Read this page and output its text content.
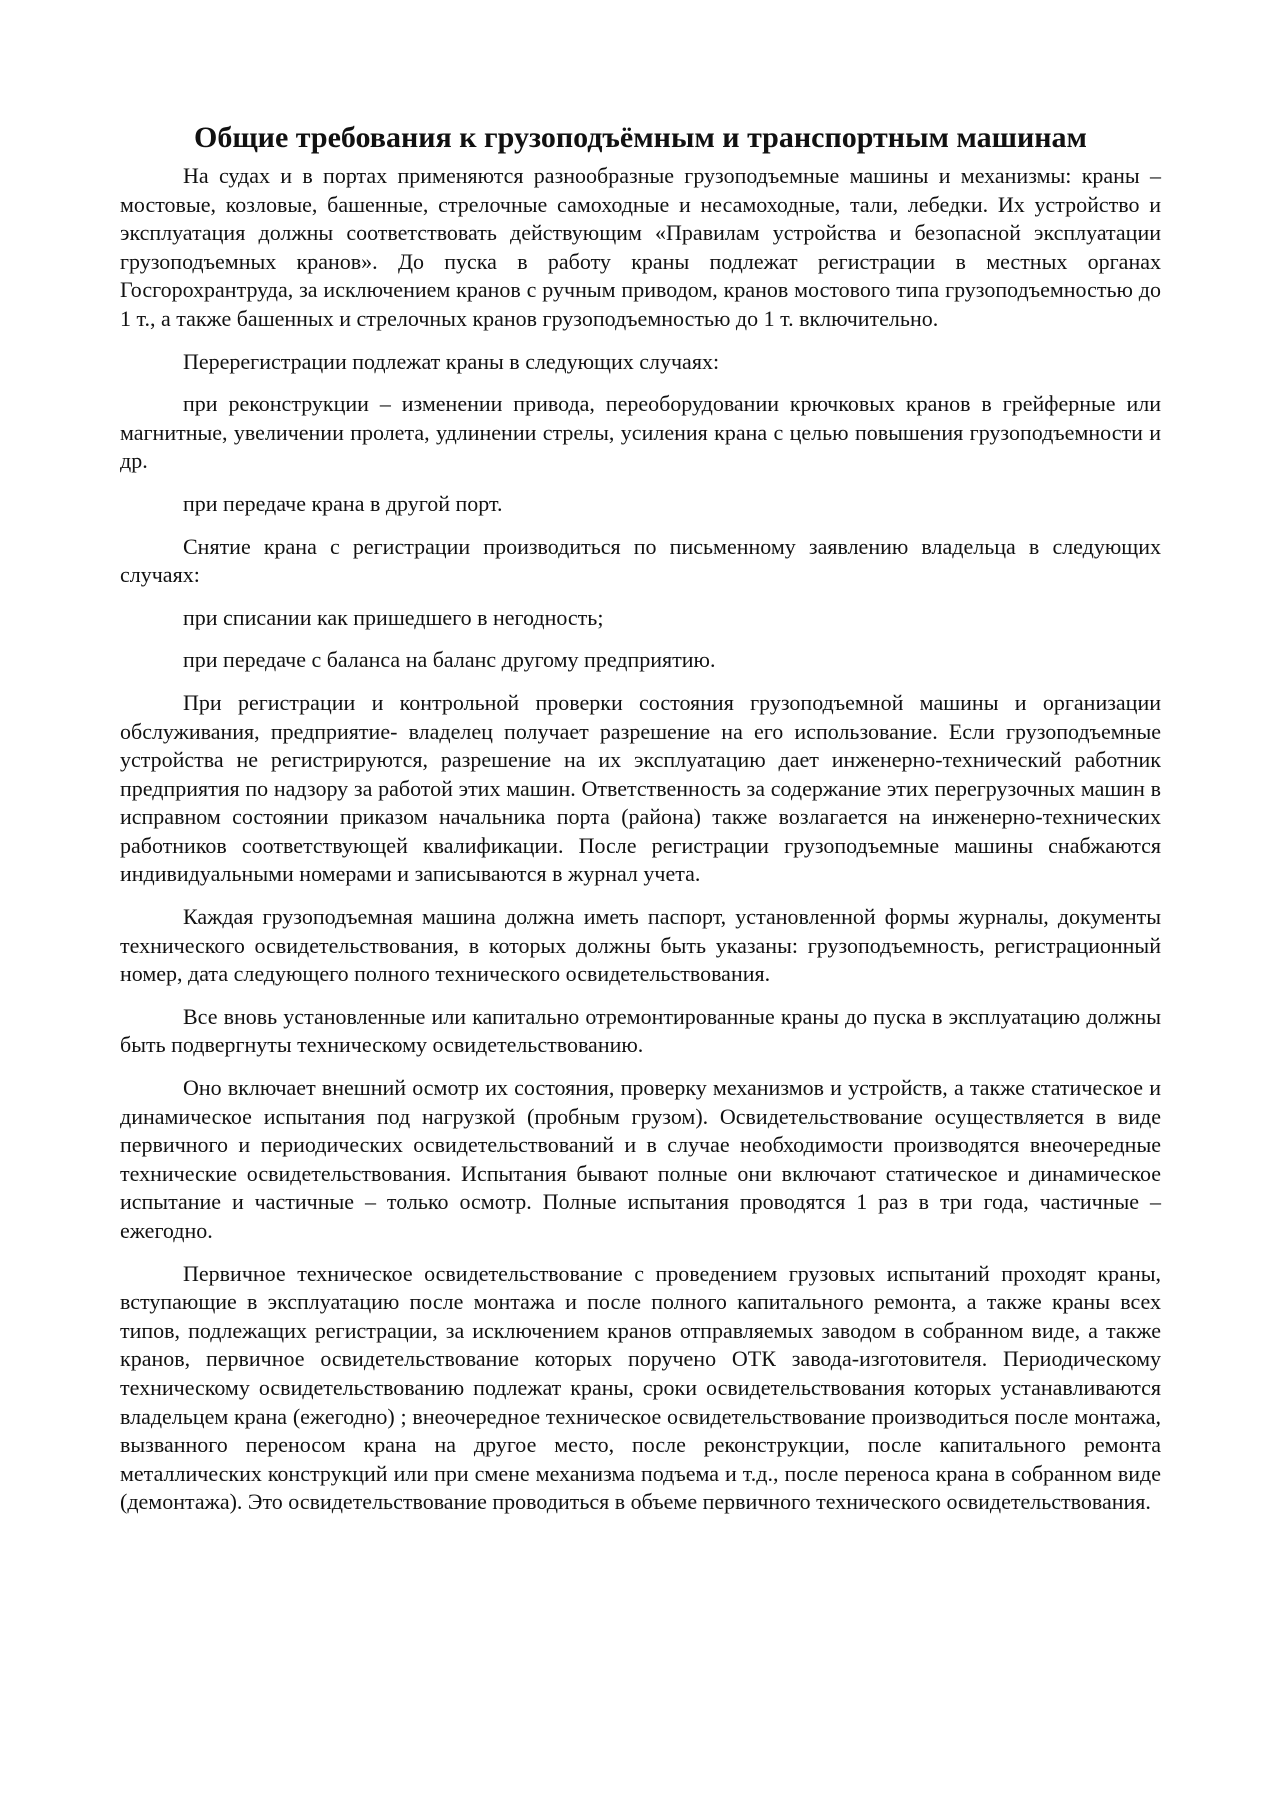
Общие требования к грузоподъёмным и транспортным машинам

На судах и в портах применяются разнообразные грузоподъемные машины и механизмы: краны – мостовые, козловые, башенные, стрелочные самоходные и несамоходные, тали, лебедки. Их устройство и эксплуатация должны соответствовать действующим «Правилам устройства и безопасной эксплуатации грузоподъемных кранов». До пуска в работу краны подлежат регистрации в местных органах Госгорохрантруда, за исключением кранов с ручным приводом, кранов мостового типа грузоподъемностью до 1 т., а также башенных и стрелочных кранов грузоподъемностью до 1 т. включительно.

Перерегистрации подлежат краны в следующих случаях:

при реконструкции – изменении привода, переоборудовании крючковых кранов в грейферные или магнитные, увеличении пролета, удлинении стрелы, усиления крана с целью повышения грузоподъемности и др.

при передаче крана в другой порт.

Снятие крана с регистрации производиться по письменному заявлению владельца в следующих случаях:

при списании как пришедшего в негодность;

при передаче с баланса на баланс другому предприятию.

При регистрации и контрольной проверки состояния грузоподъемной машины и организации обслуживания, предприятие- владелец получает разрешение на его использование. Если грузоподъемные устройства не регистрируются, разрешение на их эксплуатацию дает инженерно-технический работник предприятия по надзору за работой этих машин. Ответственность за содержание этих перегрузочных машин в исправном состоянии приказом начальника порта (района) также возлагается на инженерно-технических работников соответствующей квалификации. После регистрации грузоподъемные машины снабжаются индивидуальными номерами и записываются в журнал учета.

Каждая грузоподъемная машина должна иметь паспорт, установленной формы журналы, документы технического освидетельствования, в которых должны быть указаны: грузоподъемность, регистрационный номер, дата следующего полного технического освидетельствования.

Все вновь установленные или капитально отремонтированные краны до пуска в эксплуатацию должны быть подвергнуты техническому освидетельствованию.

Оно включает внешний осмотр их состояния, проверку механизмов и устройств, а также статическое и динамическое испытания под нагрузкой (пробным грузом). Освидетельствование осуществляется в виде первичного и периодических освидетельствований и в случае необходимости производятся внеочередные технические освидетельствования. Испытания бывают полные они включают статическое и динамическое испытание и частичные – только осмотр. Полные испытания проводятся 1 раз в три года, частичные – ежегодно.

Первичное техническое освидетельствование с проведением грузовых испытаний проходят краны, вступающие в эксплуатацию после монтажа и после полного капитального ремонта, а также краны всех типов, подлежащих регистрации, за исключением кранов отправляемых заводом в собранном виде, а также кранов, первичное освидетельствование которых поручено ОТК завода-изготовителя. Периодическому техническому освидетельствованию подлежат краны, сроки освидетельствования которых устанавливаются владельцем крана (ежегодно) ; внеочередное техническое освидетельствование производиться после монтажа, вызванного переносом крана на другое место, после реконструкции, после капитального ремонта металлических конструкций или при смене механизма подъема и т.д., после переноса крана в собранном виде (демонтажа). Это освидетельствование проводиться в объеме первичного технического освидетельствования.
